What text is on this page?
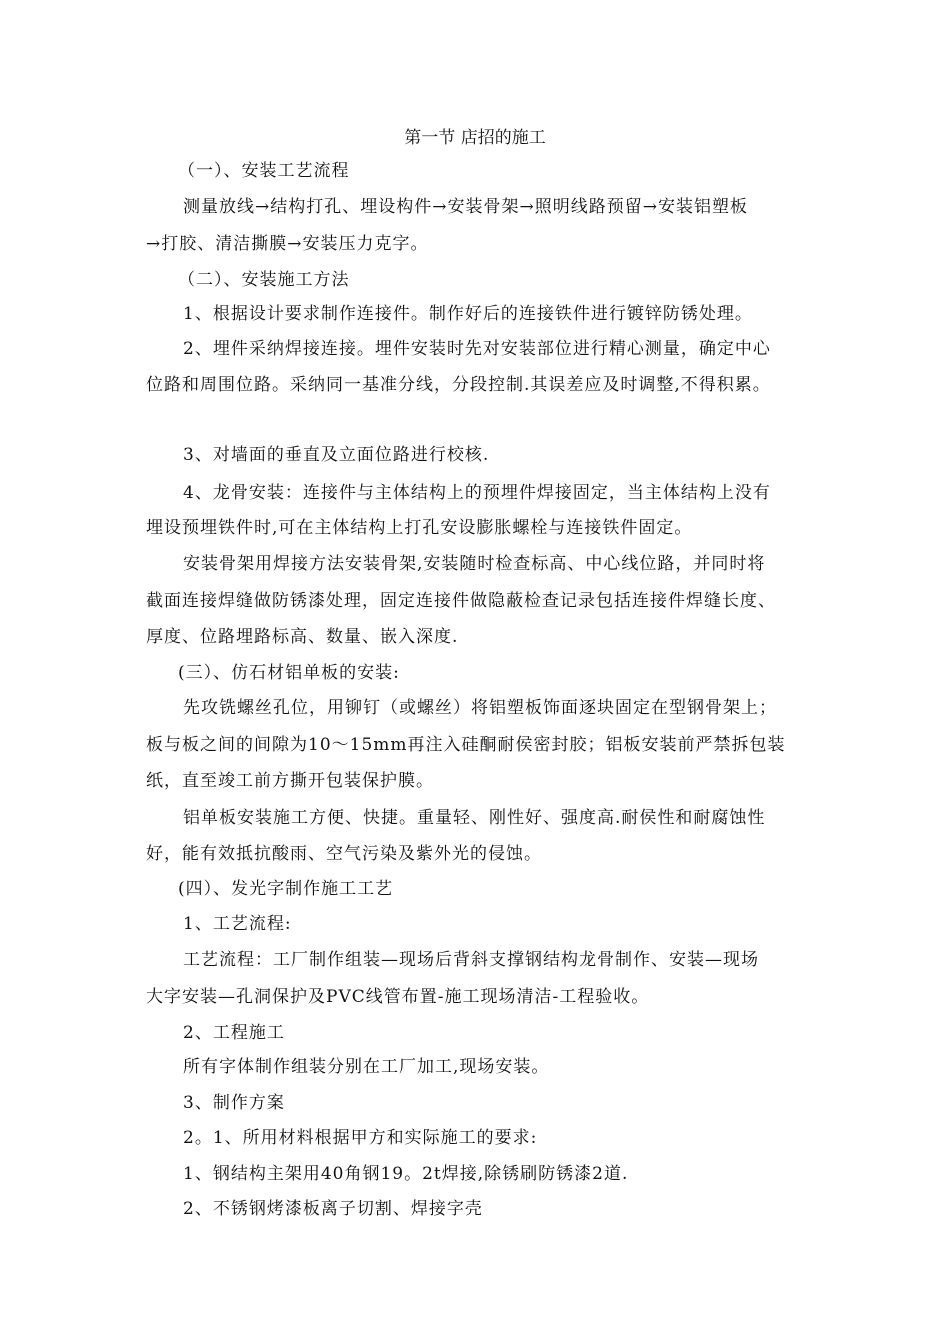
第一节 店招的施工
（一）、安装工艺流程
测量放线→结构打孔、埋设构件→安装骨架→照明线路预留→安装铝塑板
→打胶、清洁撕膜→安装压力克字。
（二）、安装施工方法
1、根据设计要求制作连接件。制作好后的连接铁件进行镀锌防锈处理。
2、埋件采纳焊接连接。埋件安装时先对安装部位进行精心测量，确定中心
位路和周围位路。采纳同一基准分线，分段控制.其误差应及时调整,不得积累。
3、对墙面的垂直及立面位路进行校核.
4、龙骨安装：连接件与主体结构上的预埋件焊接固定，当主体结构上没有
埋设预埋铁件时,可在主体结构上打孔安设膨胀螺栓与连接铁件固定。
安装骨架用焊接方法安装骨架,安装随时检查标高、中心线位路，并同时将
截面连接焊缝做防锈漆处理，固定连接件做隐蔽检查记录包括连接件焊缝长度、
厚度、位路埋路标高、数量、嵌入深度.
(三）、仿石材铝单板的安装:
先攻铣螺丝孔位，用铆钉（或螺丝）将铝塑板饰面逐块固定在型钢骨架上；
板与板之间的间隙为10～15mm再注入硅酮耐侯密封胶；铝板安装前严禁拆包装
纸，直至竣工前方撕开包装保护膜。
铝单板安装施工方便、快捷。重量轻、刚性好、强度高.耐侯性和耐腐蚀性
好，能有效抵抗酸雨、空气污染及紫外光的侵蚀。
(四）、发光字制作施工工艺
1、工艺流程:
工艺流程：工厂制作组装—现场后背斜支撑钢结构龙骨制作、安装—现场
大字安装—孔洞保护及PVC线管布置-施工现场清洁-工程验收。
2、工程施工
所有字体制作组装分别在工厂加工,现场安装。
3、制作方案
2。1、所用材料根据甲方和实际施工的要求:
1、钢结构主架用40角钢19。2t焊接,除锈刷防锈漆2道.
2、不锈钢烤漆板离子切割、焊接字壳
